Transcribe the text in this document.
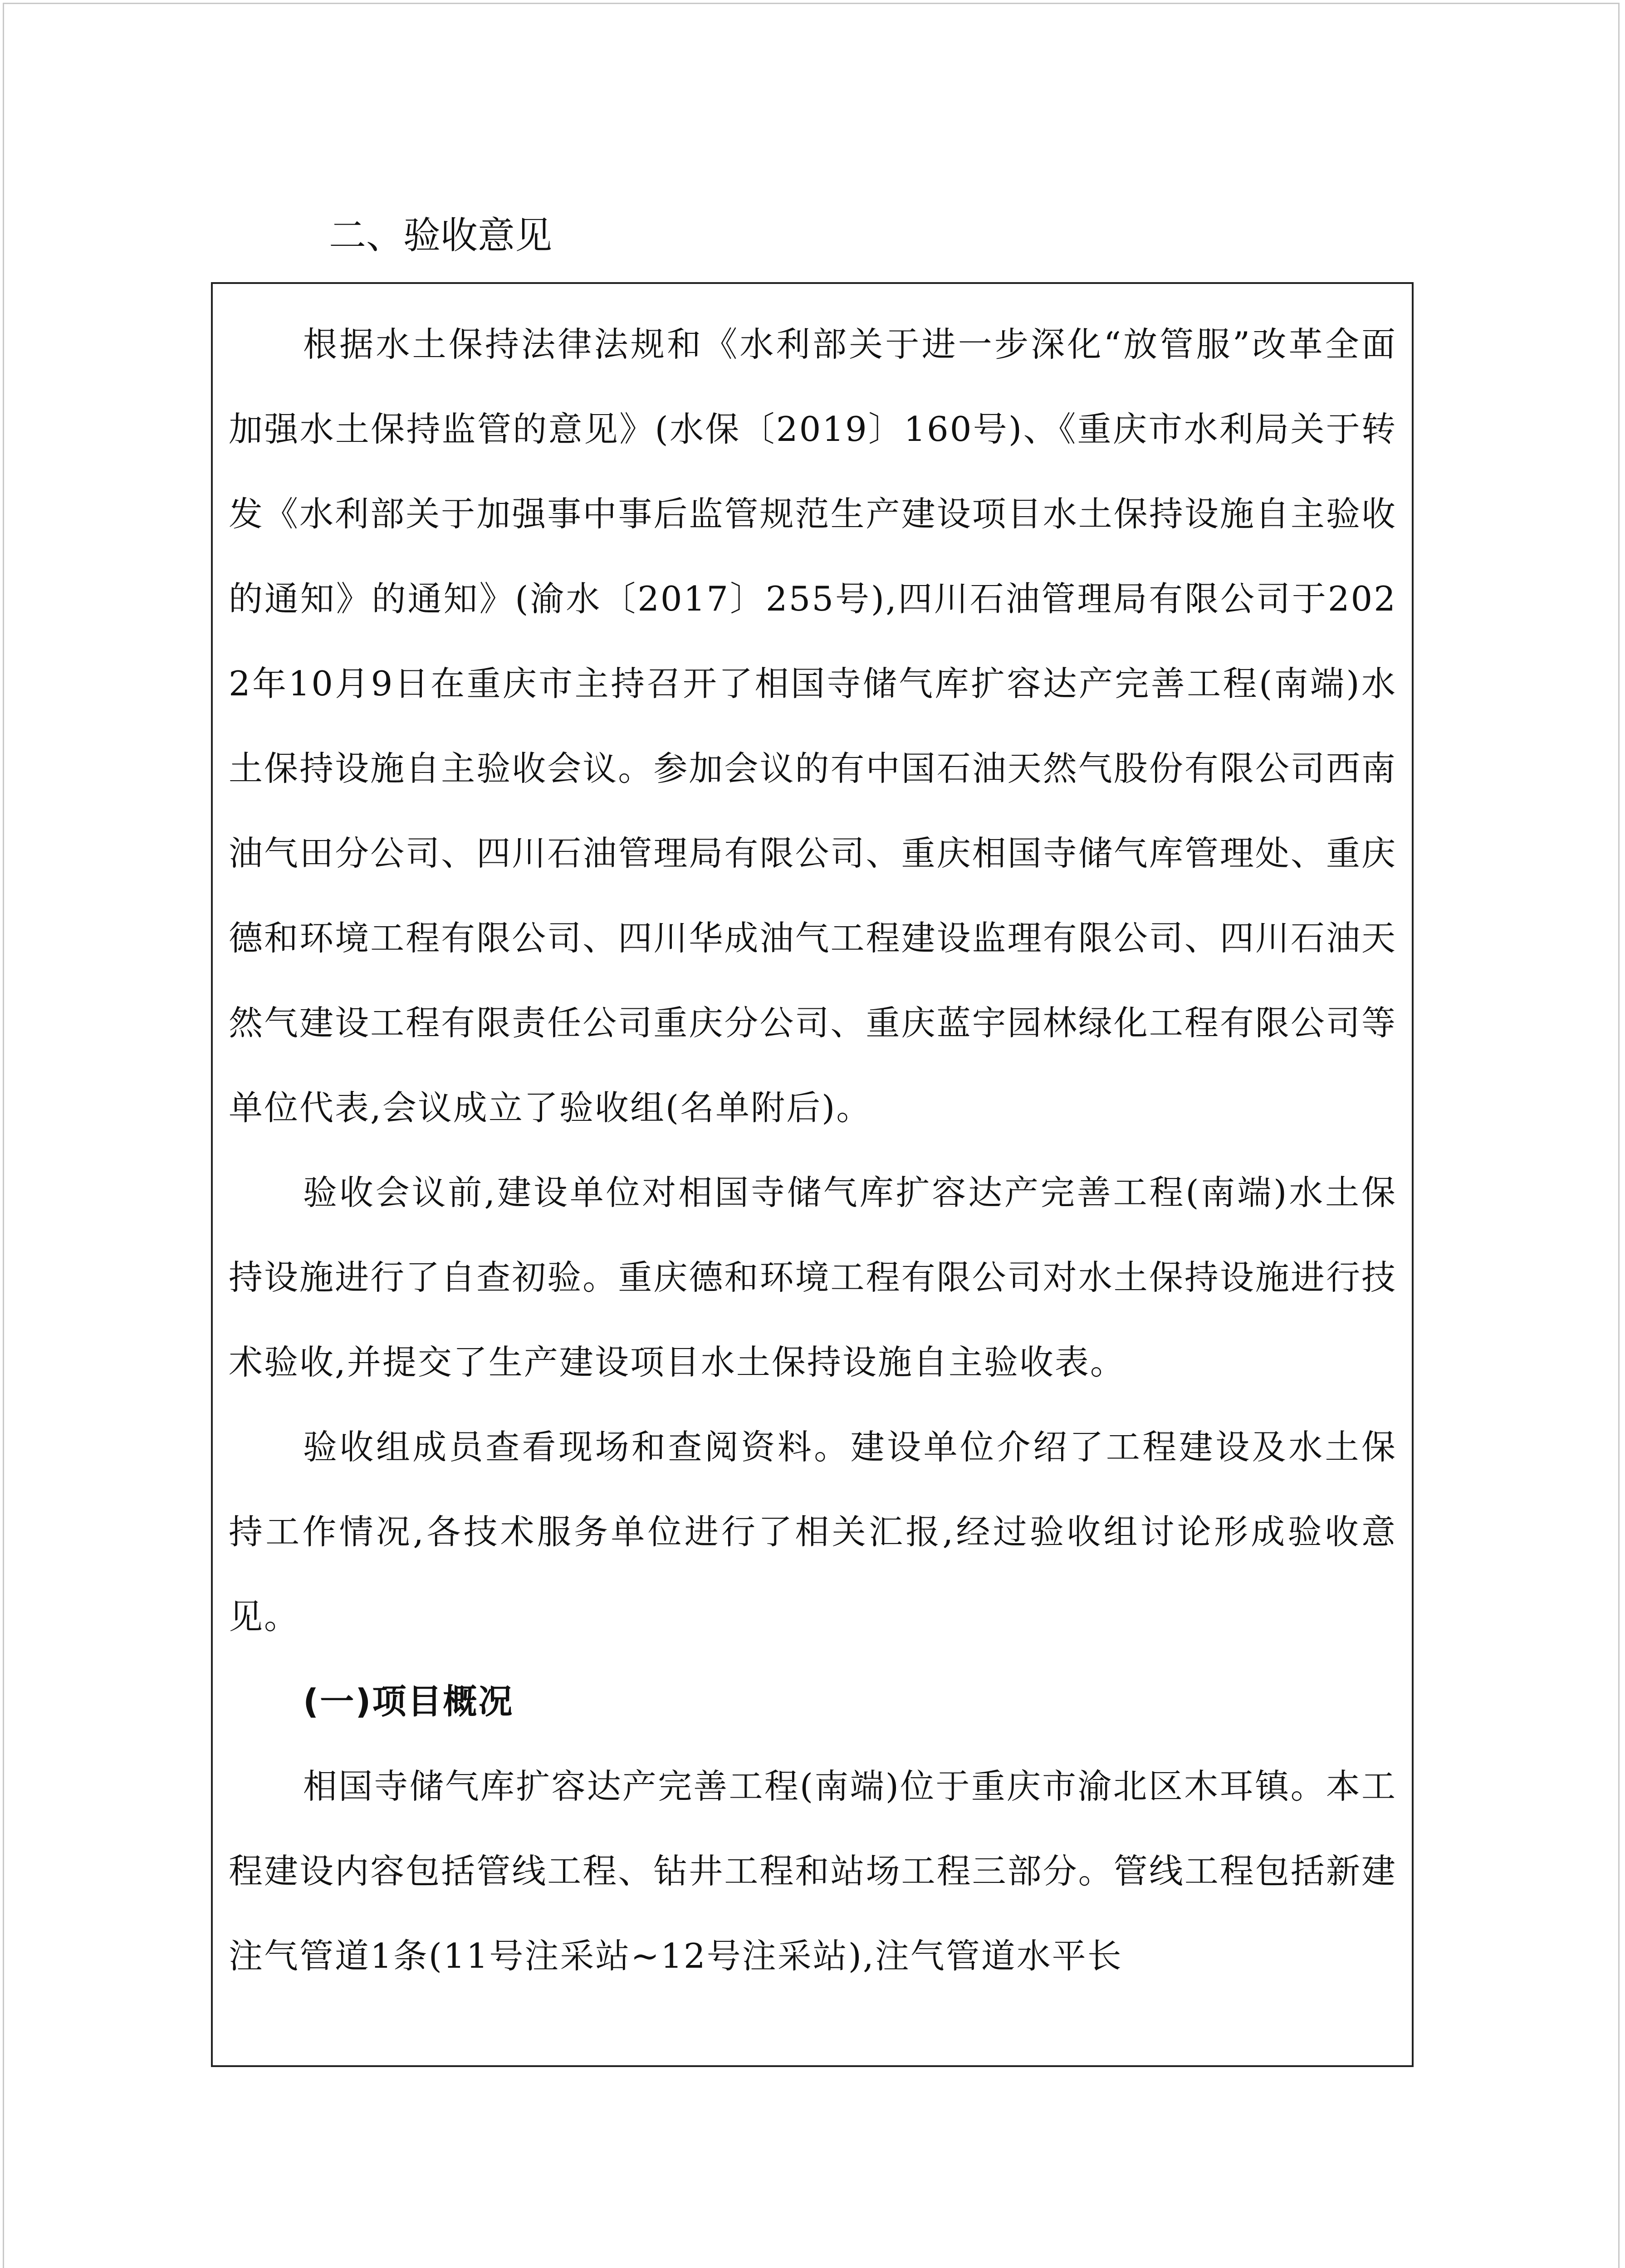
二、验收意见

根据水土保持法律法规和《水利部关于进一步深化“放管服”改革全面加强水土保持监管的意见》(水保〔2019〕160号)、《重庆市水利局关于转发《水利部关于加强事中事后监管规范生产建设项目水土保持设施自主验收的通知》的通知》(渝水〔2017〕255号),四川石油管理局有限公司于2022年10月9日在重庆市主持召开了相国寺储气库扩容达产完善工程(南端)水土保持设施自主验收会议。参加会议的有中国石油天然气股份有限公司西南油气田分公司、四川石油管理局有限公司、重庆相国寺储气库管理处、重庆德和环境工程有限公司、四川华成油气工程建设监理有限公司、四川石油天然气建设工程有限责任公司重庆分公司、重庆蓝宇园林绿化工程有限公司等单位代表,会议成立了验收组(名单附后)。

验收会议前,建设单位对相国寺储气库扩容达产完善工程(南端)水土保持设施进行了自查初验。重庆德和环境工程有限公司对水土保持设施进行技术验收,并提交了生产建设项目水土保持设施自主验收表。

验收组成员查看现场和查阅资料。建设单位介绍了工程建设及水土保持工作情况,各技术服务单位进行了相关汇报,经过验收组讨论形成验收意见。

(一)项目概况

相国寺储气库扩容达产完善工程(南端)位于重庆市渝北区木耳镇。本工程建设内容包括管线工程、钻井工程和站场工程三部分。管线工程包括新建注气管道1条(11号注采站~12号注采站),注气管道水平长
